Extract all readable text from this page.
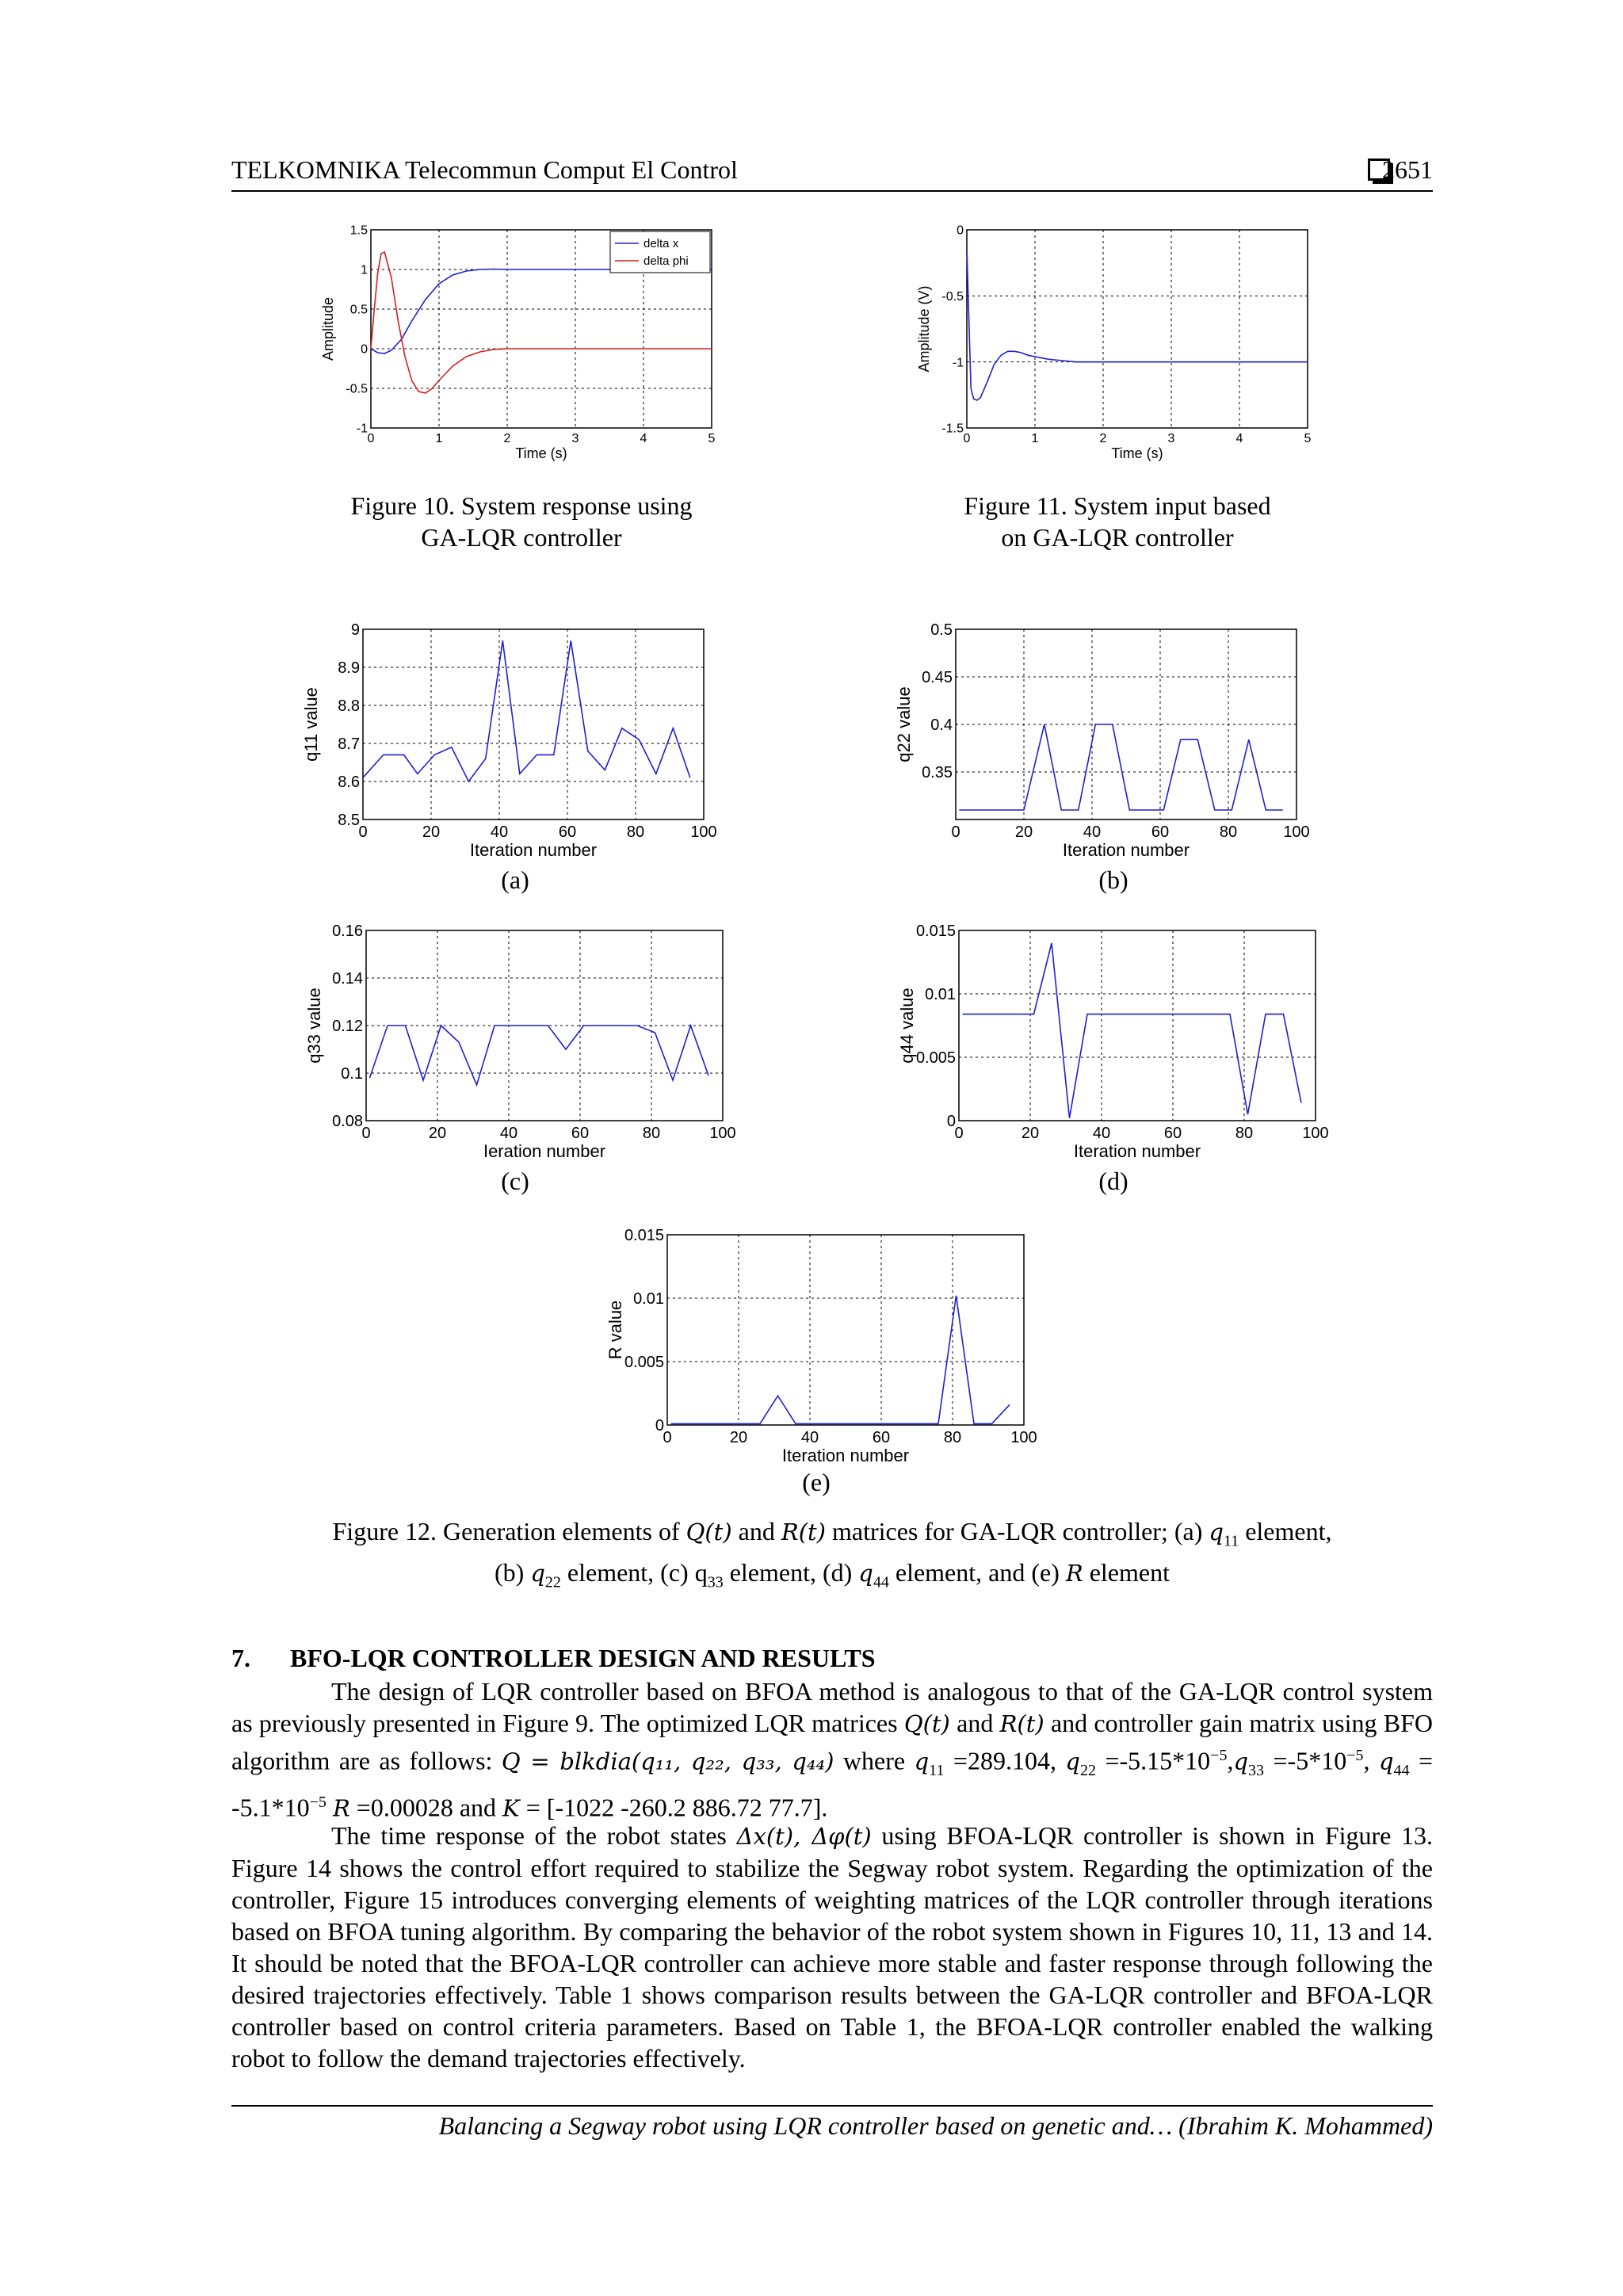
TELKOMNIKA Telecommun Comput El Control	2651
0	1	2	3	4	5
-1
-0.5
0
0.5
1
1.5
Time (s)
Amplitude
delta x
delta phi
Figure 10. System response using
GA-LQR controller
0	1	2	3	4	5
-1.5
-1
-0.5
0
Time (s)
Amplitude (V)
Figure 11. System input based
on GA-LQR controller
0	20	40	60	80	100
8.5
8.6
8.7
8.8
8.9
9
Iteration number
q11 value
(a)
0	20	40	60	80	100
0.35
0.4
0.45
0.5
Iteration number
q22 value
(b)
0	20	40	60	80	100
0.08
0.1
0.12
0.14
0.16
Ieration number
q33 value
(c)
0	20	40	60	80	100
0
0.005
0.01
0.015
Iteration number
q44 value
(d)
0	20	40	60	80	100
0
0.005
0.01
0.015
Iteration number
R value
(e)
Figure 12. Generation elements of Q(t) and R(t) matrices for GA-LQR controller; (a) $q_{11}$ element,
(b) $q_{22}$ element, (c) $q_{33}$ element, (d) $q_{44}$ element, and (e) R element
7. BFO-LQR CONTROLLER DESIGN AND RESULTS
The design of LQR controller based on BFOA method is analogous to that of the GA-LQR control system as previously presented in Figure 9. The optimized LQR matrices Q(t) and R(t) and controller gain matrix using BFO algorithm are as follows: Q = blkdia(q₁₁, q₂₂, q₃₃, q₄₄) where $q_{11} =289.104$, $q_{22} =-5.15*10^{-5},q_{33} =-5*10^{-5}$, $q_{44} = -5.1*10^{-5}$ R =0.00028 and K = [-1022 -260.2 886.72 77.7].
The time response of the robot states Δx(t), Δφ(t) using BFOA-LQR controller is shown in Figure 13. Figure 14 shows the control effort required to stabilize the Segway robot system. Regarding the optimization of the controller, Figure 15 introduces converging elements of weighting matrices of the LQR controller through iterations based on BFOA tuning algorithm. By comparing the behavior of the robot system shown in Figures 10, 11, 13 and 14. It should be noted that the BFOA-LQR controller can achieve more stable and faster response through following the desired trajectories effectively. Table 1 shows comparison results between the GA-LQR controller and BFOA-LQR controller based on control criteria parameters. Based on Table 1, the BFOA-LQR controller enabled the walking robot to follow the demand trajectories effectively.
Balancing a Segway robot using LQR controller based on genetic and… (Ibrahim K. Mohammed)
